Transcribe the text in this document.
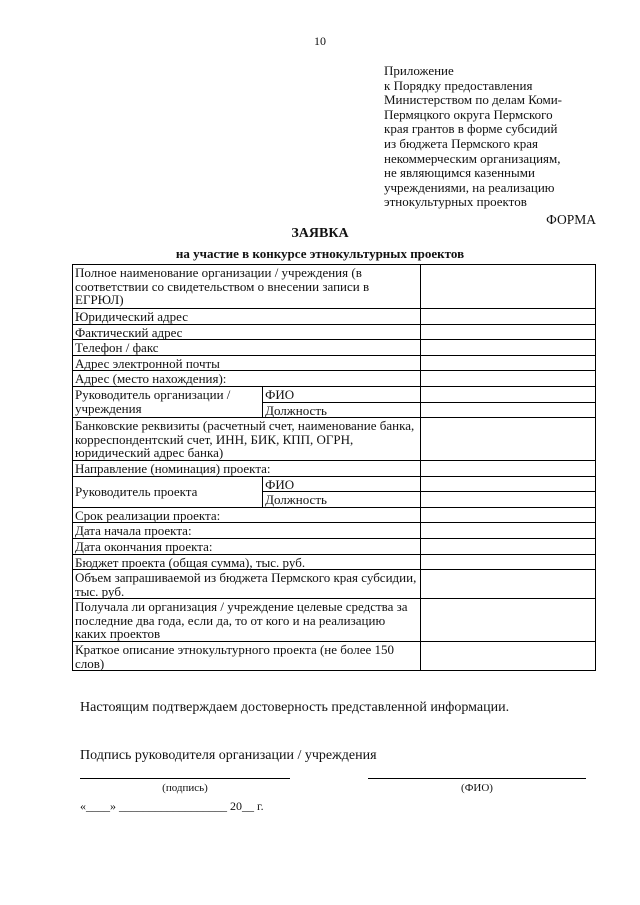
10
Приложение
к Порядку предоставления
Министерством по делам Коми-
Пермяцкого округа Пермского
края грантов в форме субсидий
из бюджета Пермского края
некоммерческим организациям,
не являющимся казенными
учреждениями, на реализацию
этнокультурных проектов
ФОРМА
ЗАЯВКА
на участие в конкурсе этнокультурных проектов
Полное наименование организации / учреждения (в соответствии со свидетельством о внесении записи в ЕГРЮЛ)		
Юридический адрес		
Фактический адрес		
Телефон / факс		
Адрес электронной почты		
Адрес (место нахождения):		
Руководитель организации / учреждения	ФИО	
	Должность	
Банковские реквизиты (расчетный счет, наименование банка, корреспондентский счет, ИНН, БИК, КПП, ОГРН, юридический адрес банка)		
Направление (номинация) проекта:		
Руководитель проекта	ФИО	
	Должность	
Срок реализации проекта:		
Дата начала проекта:		
Дата окончания проекта:		
Бюджет проекта (общая сумма), тыс. руб.		
Объем запрашиваемой из бюджета Пермского края субсидии, тыс. руб.		
Получала ли организация / учреждение целевые средства за последние два года, если да, то от кого и на реализацию каких проектов		
Краткое описание этнокультурного проекта (не более 150 слов)		
Настоящим подтверждаем достоверность представленной информации.
Подпись руководителя организации / учреждения
(подпись)	(ФИО)
«____» __________________ 20__ г.
